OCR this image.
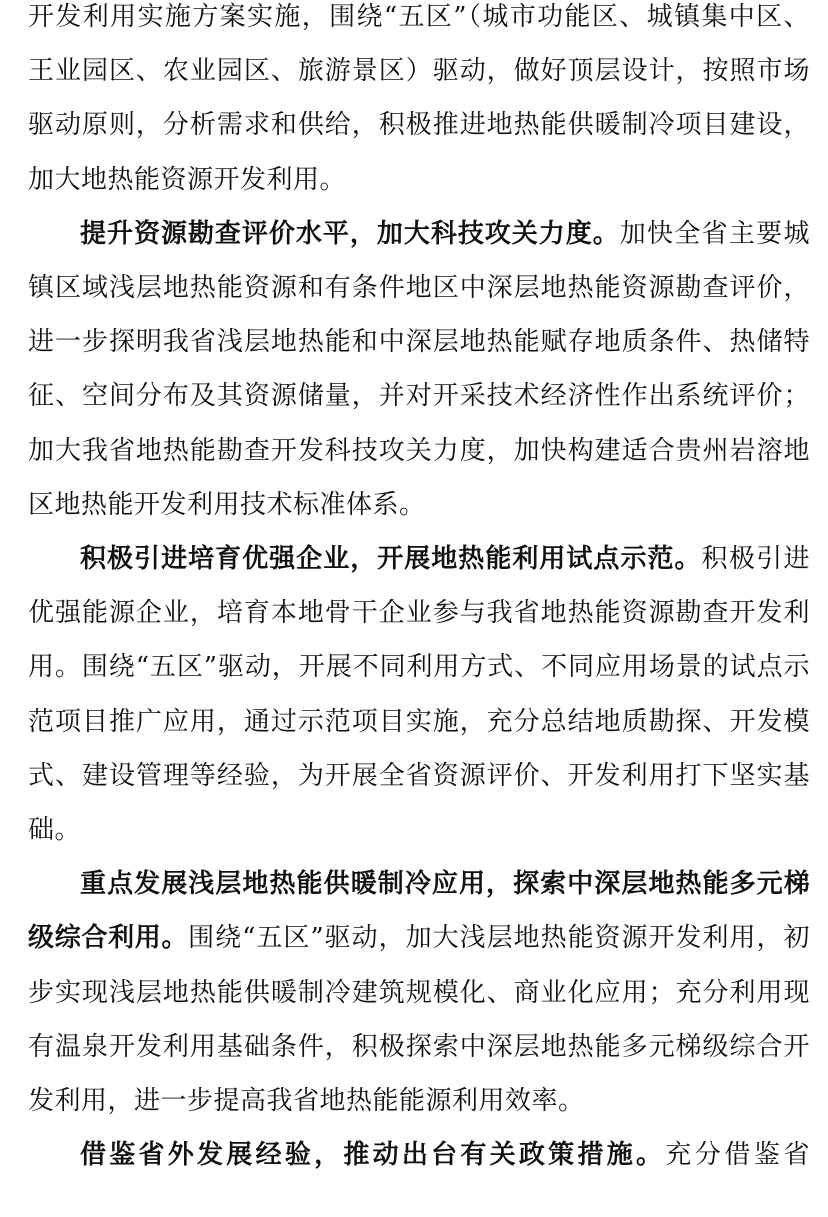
开发利用实施方案实施，围绕“五区”（城市功能区、城镇集中区、王业园区、农业园区、旅游景区）驱动，做好顶层设计，按照市场驱动原则，分析需求和供给，积极推进地热能供暖制冷项目建设，加大地热能资源开发利用。

提升资源勘查评价水平，加大科技攻关力度。加快全省主要城镇区域浅层地热能资源和有条件地区中深层地热能资源勘查评价，进一步探明我省浅层地热能和中深层地热能赋存地质条件、热储特征、空间分布及其资源储量，并对开采技术经济性作出系统评价；加大我省地热能勘查开发科技攻关力度，加快构建适合贵州岩溶地区地热能开发利用技术标准体系。

积极引进培育优强企业，开展地热能利用试点示范。积极引进优强能源企业，培育本地骨干企业参与我省地热能资源勘查开发利用。围绕“五区”驱动，开展不同利用方式、不同应用场景的试点示范项目推广应用，通过示范项目实施，充分总结地质勘探、开发模式、建设管理等经验，为开展全省资源评价、开发利用打下坚实基础。

重点发展浅层地热能供暖制冷应用，探索中深层地热能多元梯级综合利用。围绕“五区”驱动，加大浅层地热能资源开发利用，初步实现浅层地热能供暖制冷建筑规模化、商业化应用；充分利用现有温泉开发利用基础条件，积极探索中深层地热能多元梯级综合开发利用，进一步提高我省地热能能源利用效率。

借鉴省外发展经验，推动出台有关政策措施。充分借鉴省
